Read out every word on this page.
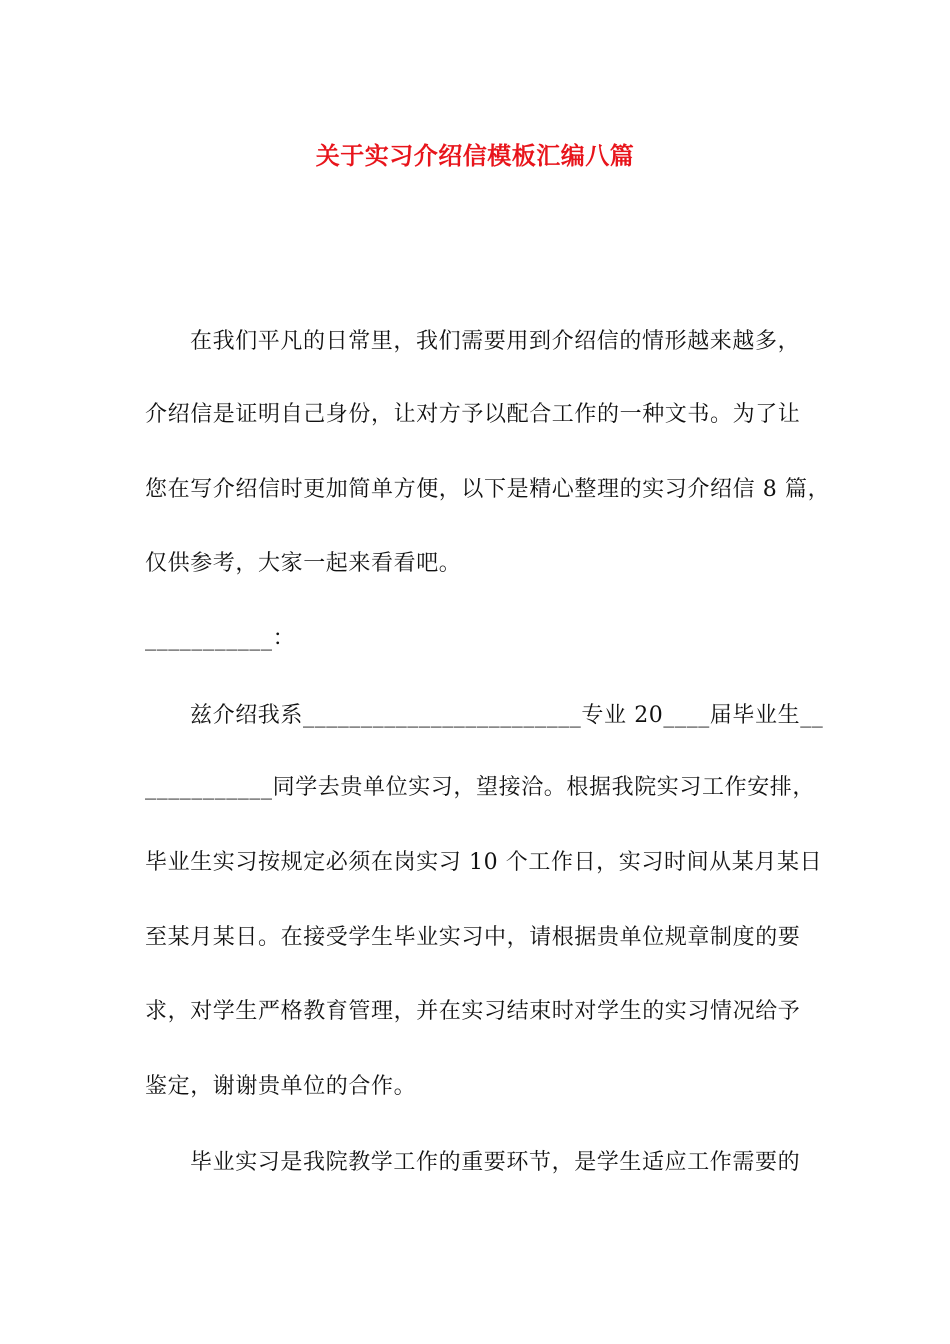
关于实习介绍信模板汇编八篇
在我们平凡的日常里，我们需要用到介绍信的情形越来越多，
介绍信是证明自己身份，让对方予以配合工作的一种文书。为了让
您在写介绍信时更加简单方便，以下是精心整理的实习介绍信 8 篇，
仅供参考，大家一起来看看吧。
___________：
兹介绍我系________________________专业 20____届毕业生__
___________同学去贵单位实习，望接洽。根据我院实习工作安排，
毕业生实习按规定必须在岗实习 10 个工作日，实习时间从某月某日
至某月某日。在接受学生毕业实习中，请根据贵单位规章制度的要
求，对学生严格教育管理，并在实习结束时对学生的实习情况给予
鉴定，谢谢贵单位的合作。
毕业实习是我院教学工作的重要环节，是学生适应工作需要的
